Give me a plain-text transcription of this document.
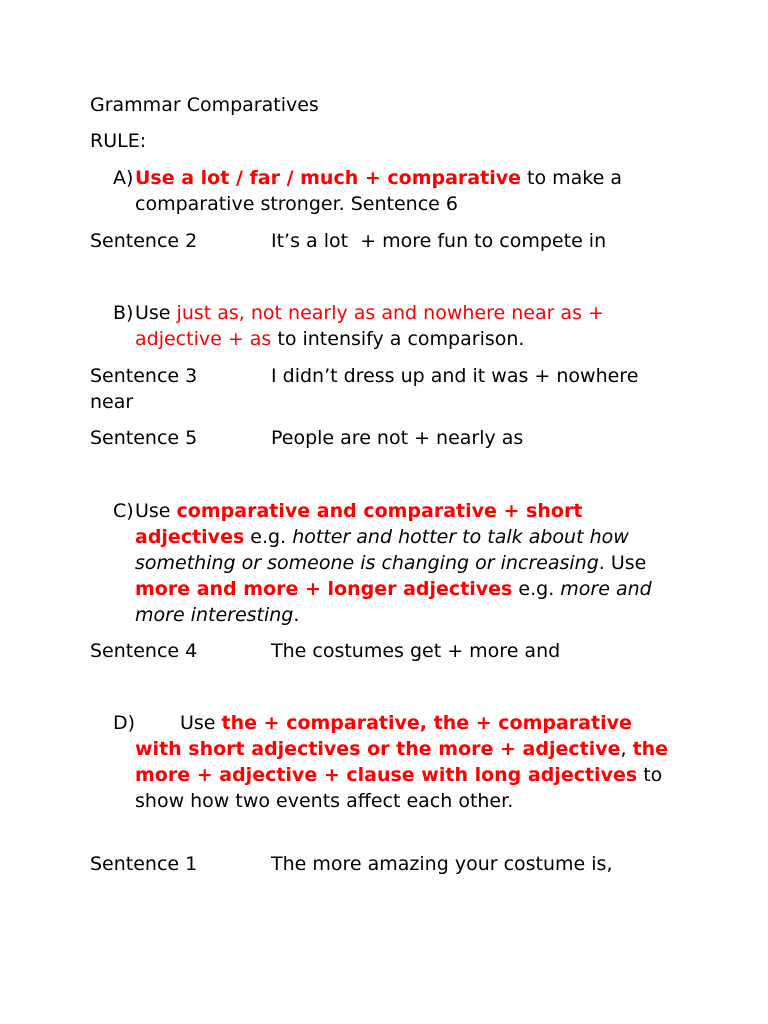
Grammar Comparatives
RULE:
A) Use a lot / far / much + comparative to make a comparative stronger. Sentence 6
Sentence 2	It’s a lot  + more fun to compete in
B) Use just as, not nearly as and nowhere near as + adjective + as to intensify a comparison.
Sentence 3	I didn’t dress up and it was + nowhere
near
Sentence 5	People are not + nearly as
C) Use comparative and comparative + short adjectives e.g. hotter and hotter to talk about how something or someone is changing or increasing. Use more and more + longer adjectives e.g. more and more interesting.
Sentence 4	The costumes get + more and
D)	Use the + comparative, the + comparative with short adjectives or the more + adjective, the more + adjective + clause with long adjectives to show how two events affect each other.
Sentence 1	The more amazing your costume is,
